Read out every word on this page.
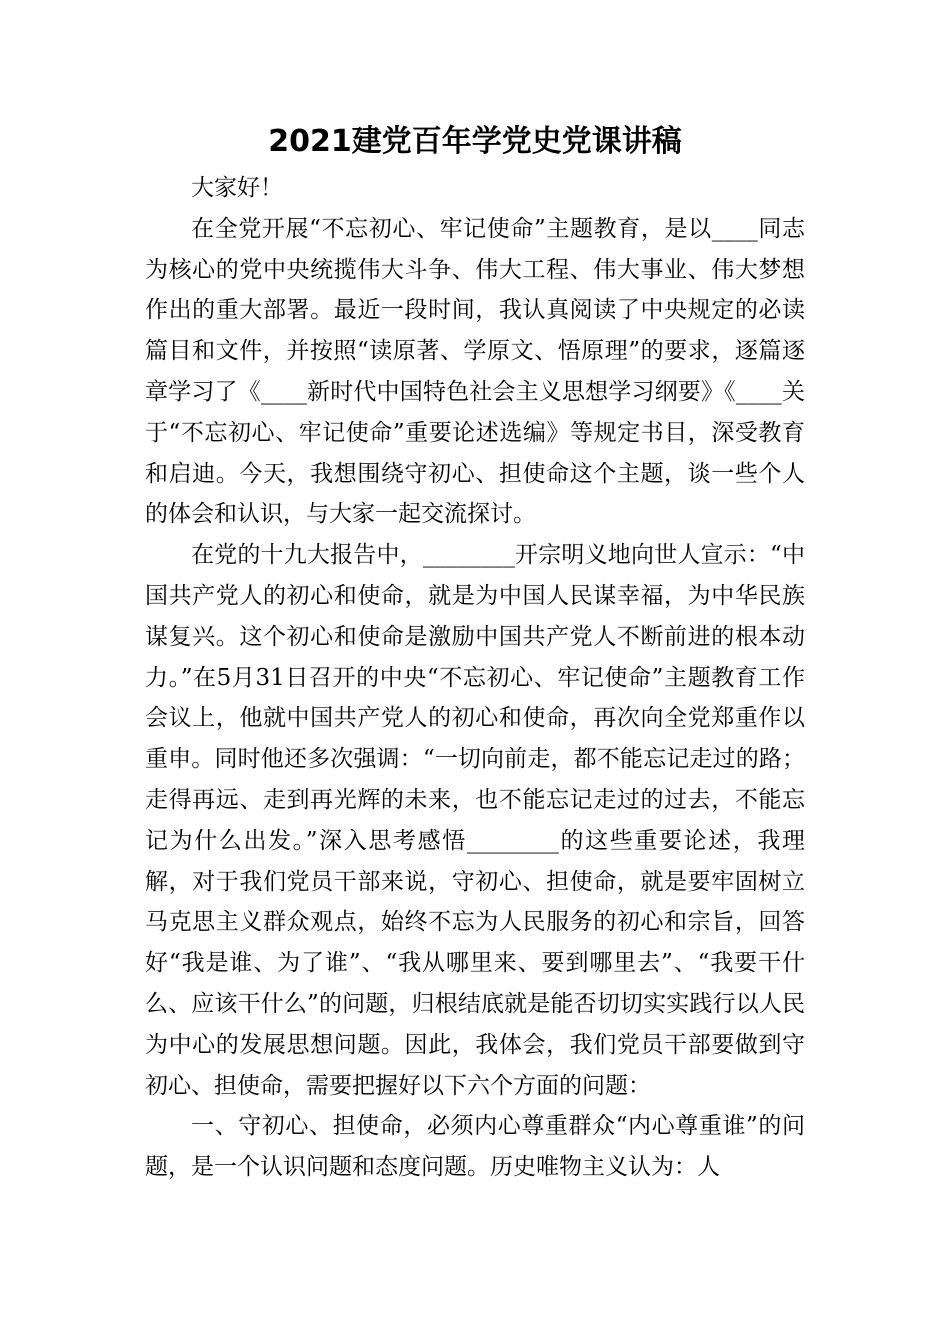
2021建党百年学党史党课讲稿

大家好！

在全党开展“不忘初心、牢记使命”主题教育，是以____同志为核心的党中央统揽伟大斗争、伟大工程、伟大事业、伟大梦想作出的重大部署。最近一段时间，我认真阅读了中央规定的必读篇目和文件，并按照“读原著、学原文、悟原理”的要求，逐篇逐章学习了《____新时代中国特色社会主义思想学习纲要》《____关于“不忘初心、牢记使命”重要论述选编》等规定书目，深受教育和启迪。今天，我想围绕守初心、担使命这个主题，谈一些个人的体会和认识，与大家一起交流探讨。

在党的十九大报告中，________开宗明义地向世人宣示：“中国共产党人的初心和使命，就是为中国人民谋幸福，为中华民族谋复兴。这个初心和使命是激励中国共产党人不断前进的根本动力。”在5月31日召开的中央“不忘初心、牢记使命”主题教育工作会议上，他就中国共产党人的初心和使命，再次向全党郑重作以重申。同时他还多次强调：“一切向前走，都不能忘记走过的路；走得再远、走到再光辉的未来，也不能忘记走过的过去，不能忘记为什么出发。”深入思考感悟________的这些重要论述，我理解，对于我们党员干部来说，守初心、担使命，就是要牢固树立马克思主义群众观点，始终不忘为人民服务的初心和宗旨，回答好“我是谁、为了谁”、“我从哪里来、要到哪里去”、“我要干什么、应该干什么”的问题，归根结底就是能否切切实实践行以人民为中心的发展思想问题。因此，我体会，我们党员干部要做到守初心、担使命，需要把握好以下六个方面的问题：

一、守初心、担使命，必须内心尊重群众“内心尊重谁”的问题，是一个认识问题和态度问题。历史唯物主义认为：人
